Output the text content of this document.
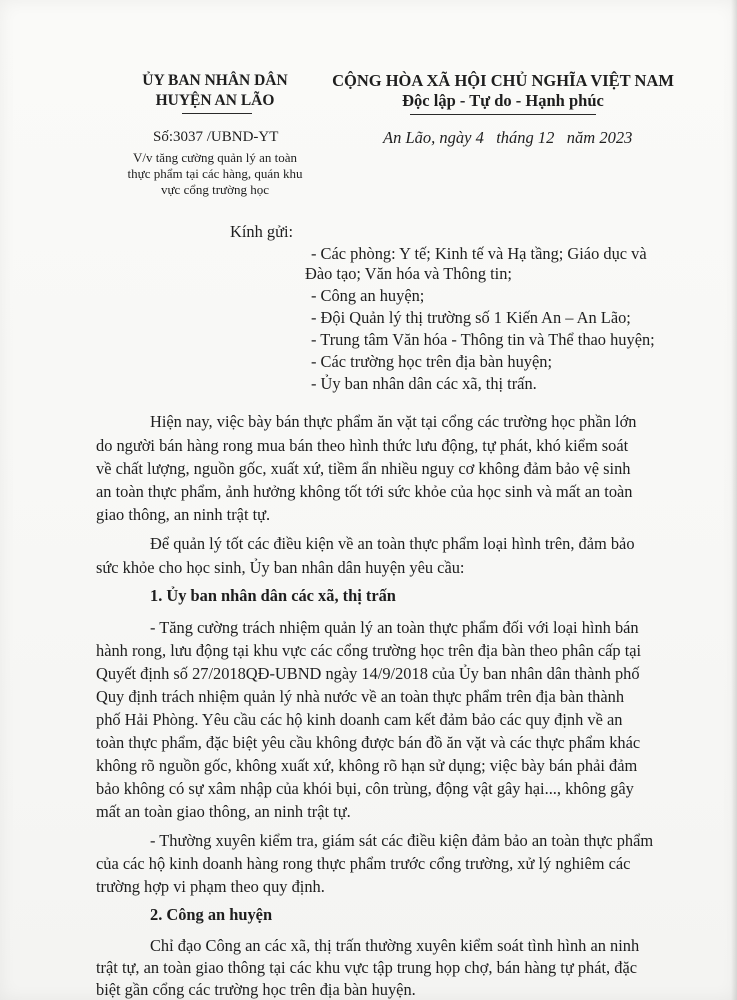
ỦY BAN NHÂN DÂN
HUYỆN AN LÃO
Số:3037 /UBND-YT
V/v tăng cường quản lý an toàn
thực phẩm tại các hàng, quán khu
vực cổng trường học
CỘNG HÒA XÃ HỘI CHỦ NGHĨA VIỆT NAM
Độc lập - Tự do - Hạnh phúc
An Lão, ngày 4   tháng 12   năm 2023
Kính gửi:
- Các phòng: Y tế; Kinh tế và Hạ tầng; Giáo dục và
Đào tạo; Văn hóa và Thông tin;
- Công an huyện;
- Đội Quản lý thị trường số 1 Kiến An – An Lão;
- Trung tâm Văn hóa - Thông tin và Thể thao huyện;
- Các trường học trên địa bàn huyện;
- Ủy ban nhân dân các xã, thị trấn.
Hiện nay, việc bày bán thực phẩm ăn vặt tại cổng các trường học phần lớn
do người bán hàng rong mua bán theo hình thức lưu động, tự phát, khó kiểm soát
về chất lượng, nguồn gốc, xuất xứ, tiềm ẩn nhiều nguy cơ không đảm bảo vệ sinh
an toàn thực phẩm, ảnh hưởng không tốt tới sức khỏe của học sinh và mất an toàn
giao thông, an ninh trật tự.
Để quản lý tốt các điều kiện về an toàn thực phẩm loại hình trên, đảm bảo
sức khỏe cho học sinh, Ủy ban nhân dân huyện yêu cầu:
1. Ủy ban nhân dân các xã, thị trấn
- Tăng cường trách nhiệm quản lý an toàn thực phẩm đối với loại hình bán
hành rong, lưu động tại khu vực các cổng trường học trên địa bàn theo phân cấp tại
Quyết định số 27/2018QĐ-UBND ngày 14/9/2018 của Ủy ban nhân dân thành phố
Quy định trách nhiệm quản lý nhà nước về an toàn thực phẩm trên địa bàn thành
phố Hải Phòng. Yêu cầu các hộ kinh doanh cam kết đảm bảo các quy định về an
toàn thực phẩm, đặc biệt yêu cầu không được bán đồ ăn vặt và các thực phẩm khác
không rõ nguồn gốc, không xuất xứ, không rõ hạn sử dụng; việc bày bán phải đảm
bảo không có sự xâm nhập của khói bụi, côn trùng, động vật gây hại..., không gây
mất an toàn giao thông, an ninh trật tự.
- Thường xuyên kiểm tra, giám sát các điều kiện đảm bảo an toàn thực phẩm
của các hộ kinh doanh hàng rong thực phẩm trước cổng trường, xử lý nghiêm các
trường hợp vi phạm theo quy định.
2. Công an huyện
Chỉ đạo Công an các xã, thị trấn thường xuyên kiểm soát tình hình an ninh
trật tự, an toàn giao thông tại các khu vực tập trung họp chợ, bán hàng tự phát, đặc
biệt gần cổng các trường học trên địa bàn huyện.
